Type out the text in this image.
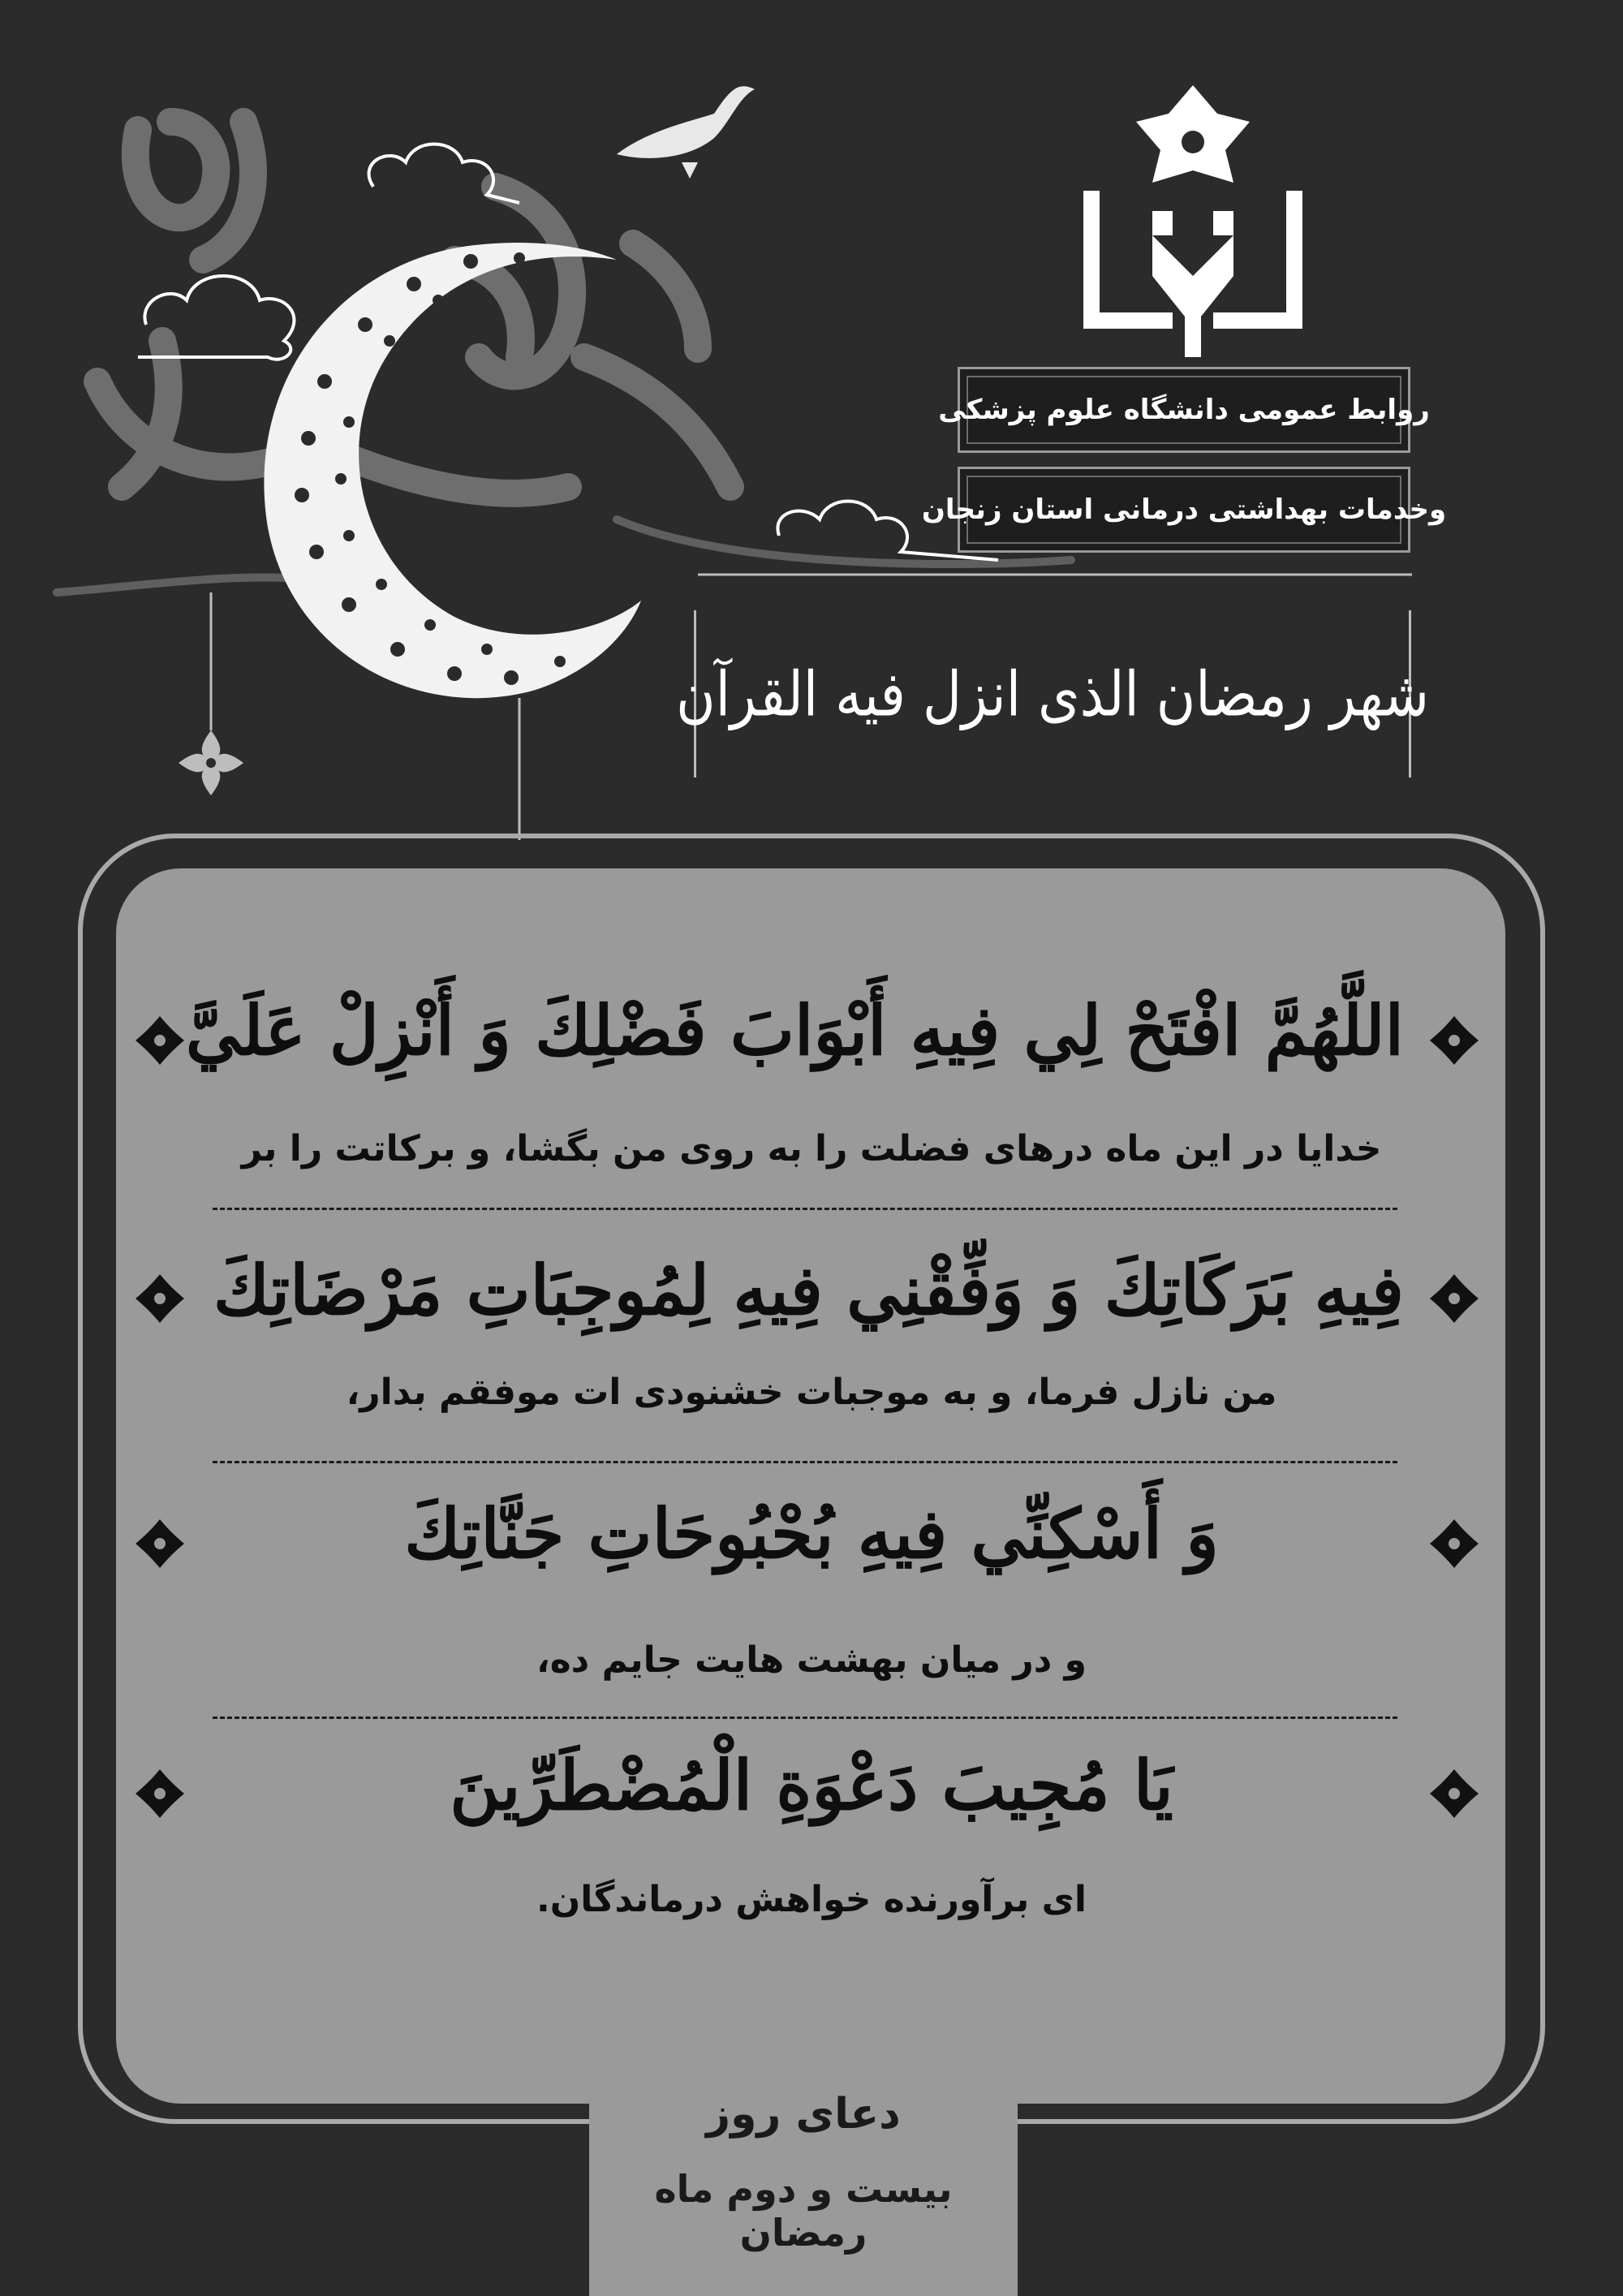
روابط عمومی دانشگاه علوم پزشکی
وخدمات بهداشتی درمانی استان زنجان
شهر رمضان الذی انزل فیه القرآن
اللَّهُمَّ افْتَحْ لِي فِيهِ أَبْوَابَ فَضْلِكَ وَ أَنْزِلْ عَلَيَّ
خدایا در این ماه درهای فضلت را به روی من بگشا، و برکاتت را بر
فِيهِ بَرَكَاتِكَ وَ وَفِّقْنِي فِيهِ لِمُوجِبَاتِ مَرْضَاتِكَ
من نازل فرما، و به موجبات خشنودی ات موفقم بدار،
وَ أَسْكِنِّي فِيهِ بُحْبُوحَاتِ جَنَّاتِكَ
و در میان بهشت هایت جایم ده،
يَا مُجِيبَ دَعْوَةِ الْمُضْطَرِّينَ
ای برآورنده خواهش درماندگان.
دعای روز
بیست و دوم ماه رمضان
